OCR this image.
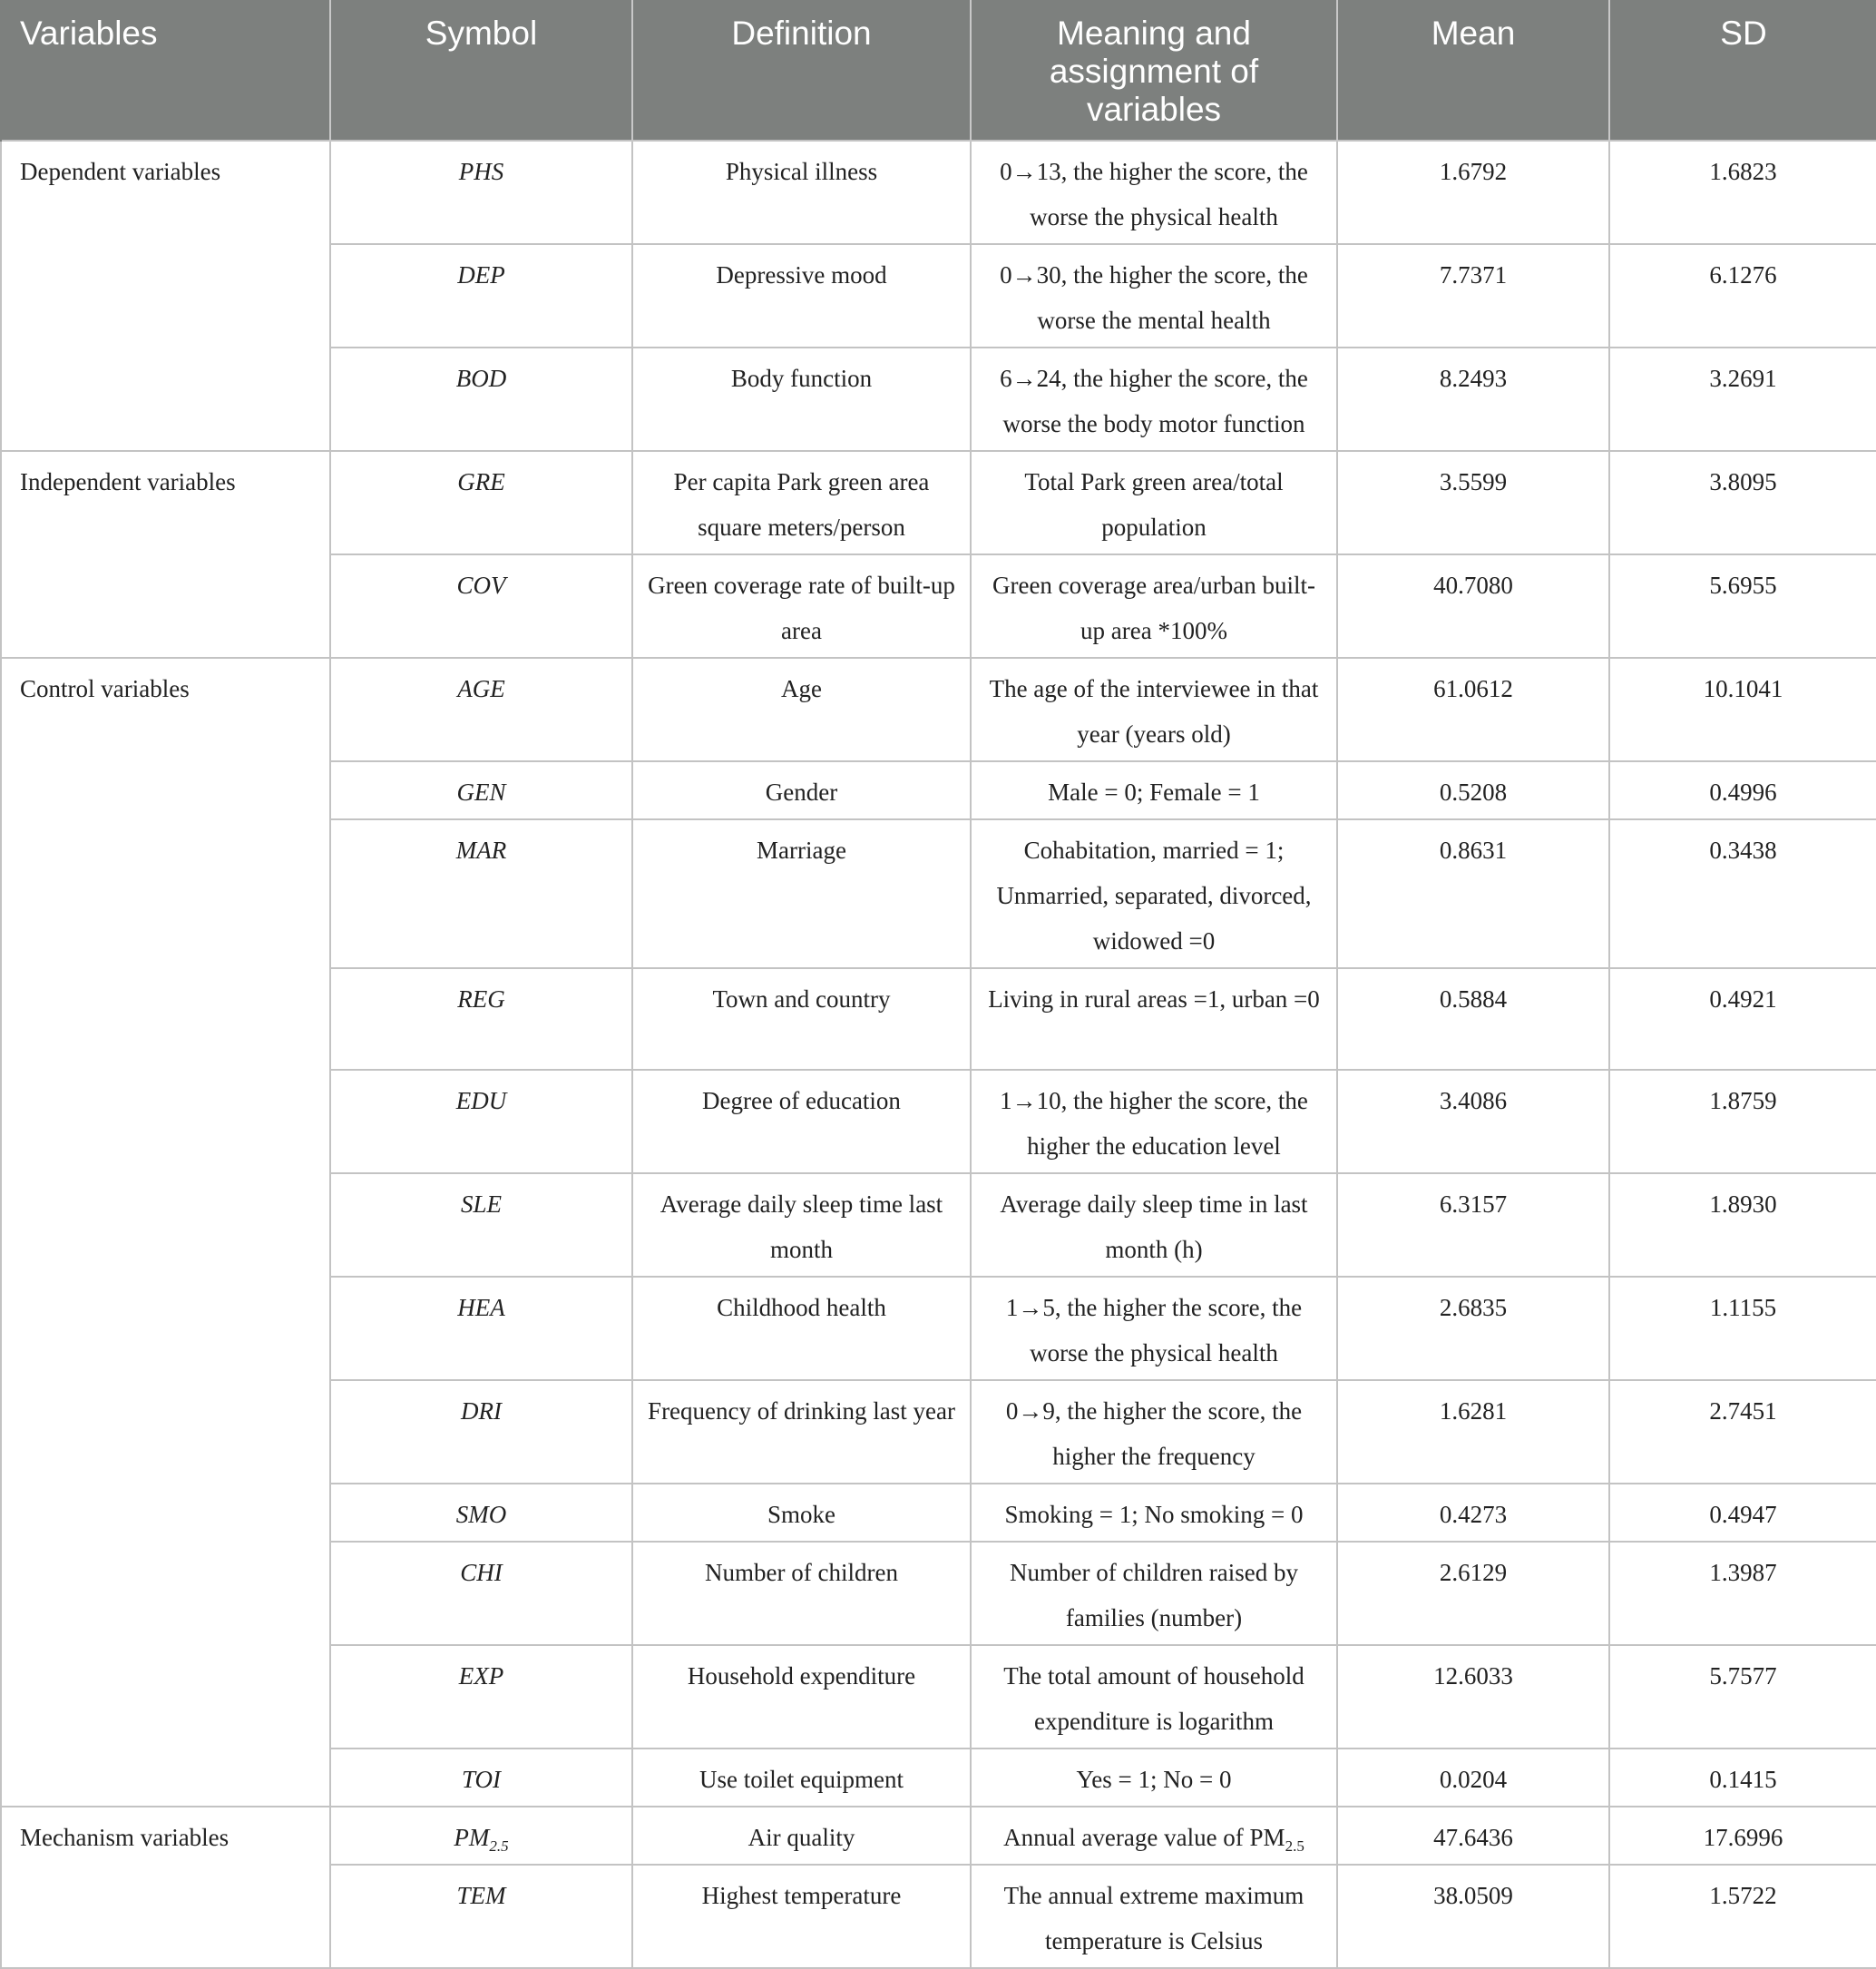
Variables	Symbol	Definition	Meaning and assignment of variables	Mean	SD
Dependent variables	PHS	Physical illness	0→13, the higher the score, the worse the physical health	1.6792	1.6823
	DEP	Depressive mood	0→30, the higher the score, the worse the mental health	7.7371	6.1276
	BOD	Body function	6→24, the higher the score, the worse the body motor function	8.2493	3.2691
Independent variables	GRE	Per capita Park green area square meters/person	Total Park green area/total population	3.5599	3.8095
	COV	Green coverage rate of built-up area	Green coverage area/urban built-up area *100%	40.7080	5.6955
Control variables	AGE	Age	The age of the interviewee in that year (years old)	61.0612	10.1041
	GEN	Gender	Male = 0; Female = 1	0.5208	0.4996
	MAR	Marriage	Cohabitation, married = 1; Unmarried, separated, divorced, widowed =0	0.8631	0.3438
	REG	Town and country	Living in rural areas =1, urban =0	0.5884	0.4921
	EDU	Degree of education	1→10, the higher the score, the higher the education level	3.4086	1.8759
	SLE	Average daily sleep time last month	Average daily sleep time in last month (h)	6.3157	1.8930
	HEA	Childhood health	1→5, the higher the score, the worse the physical health	2.6835	1.1155
	DRI	Frequency of drinking last year	0→9, the higher the score, the higher the frequency	1.6281	2.7451
	SMO	Smoke	Smoking = 1; No smoking = 0	0.4273	0.4947
	CHI	Number of children	Number of children raised by families (number)	2.6129	1.3987
	EXP	Household expenditure	The total amount of household expenditure is logarithm	12.6033	5.7577
	TOI	Use toilet equipment	Yes = 1; No = 0	0.0204	0.1415
Mechanism variables	$PM_{2.5}$	Air quality	Annual average value of $PM_{2.5}$	47.6436	17.6996
	TEM	Highest temperature	The annual extreme maximum temperature is Celsius	38.0509	1.5722
